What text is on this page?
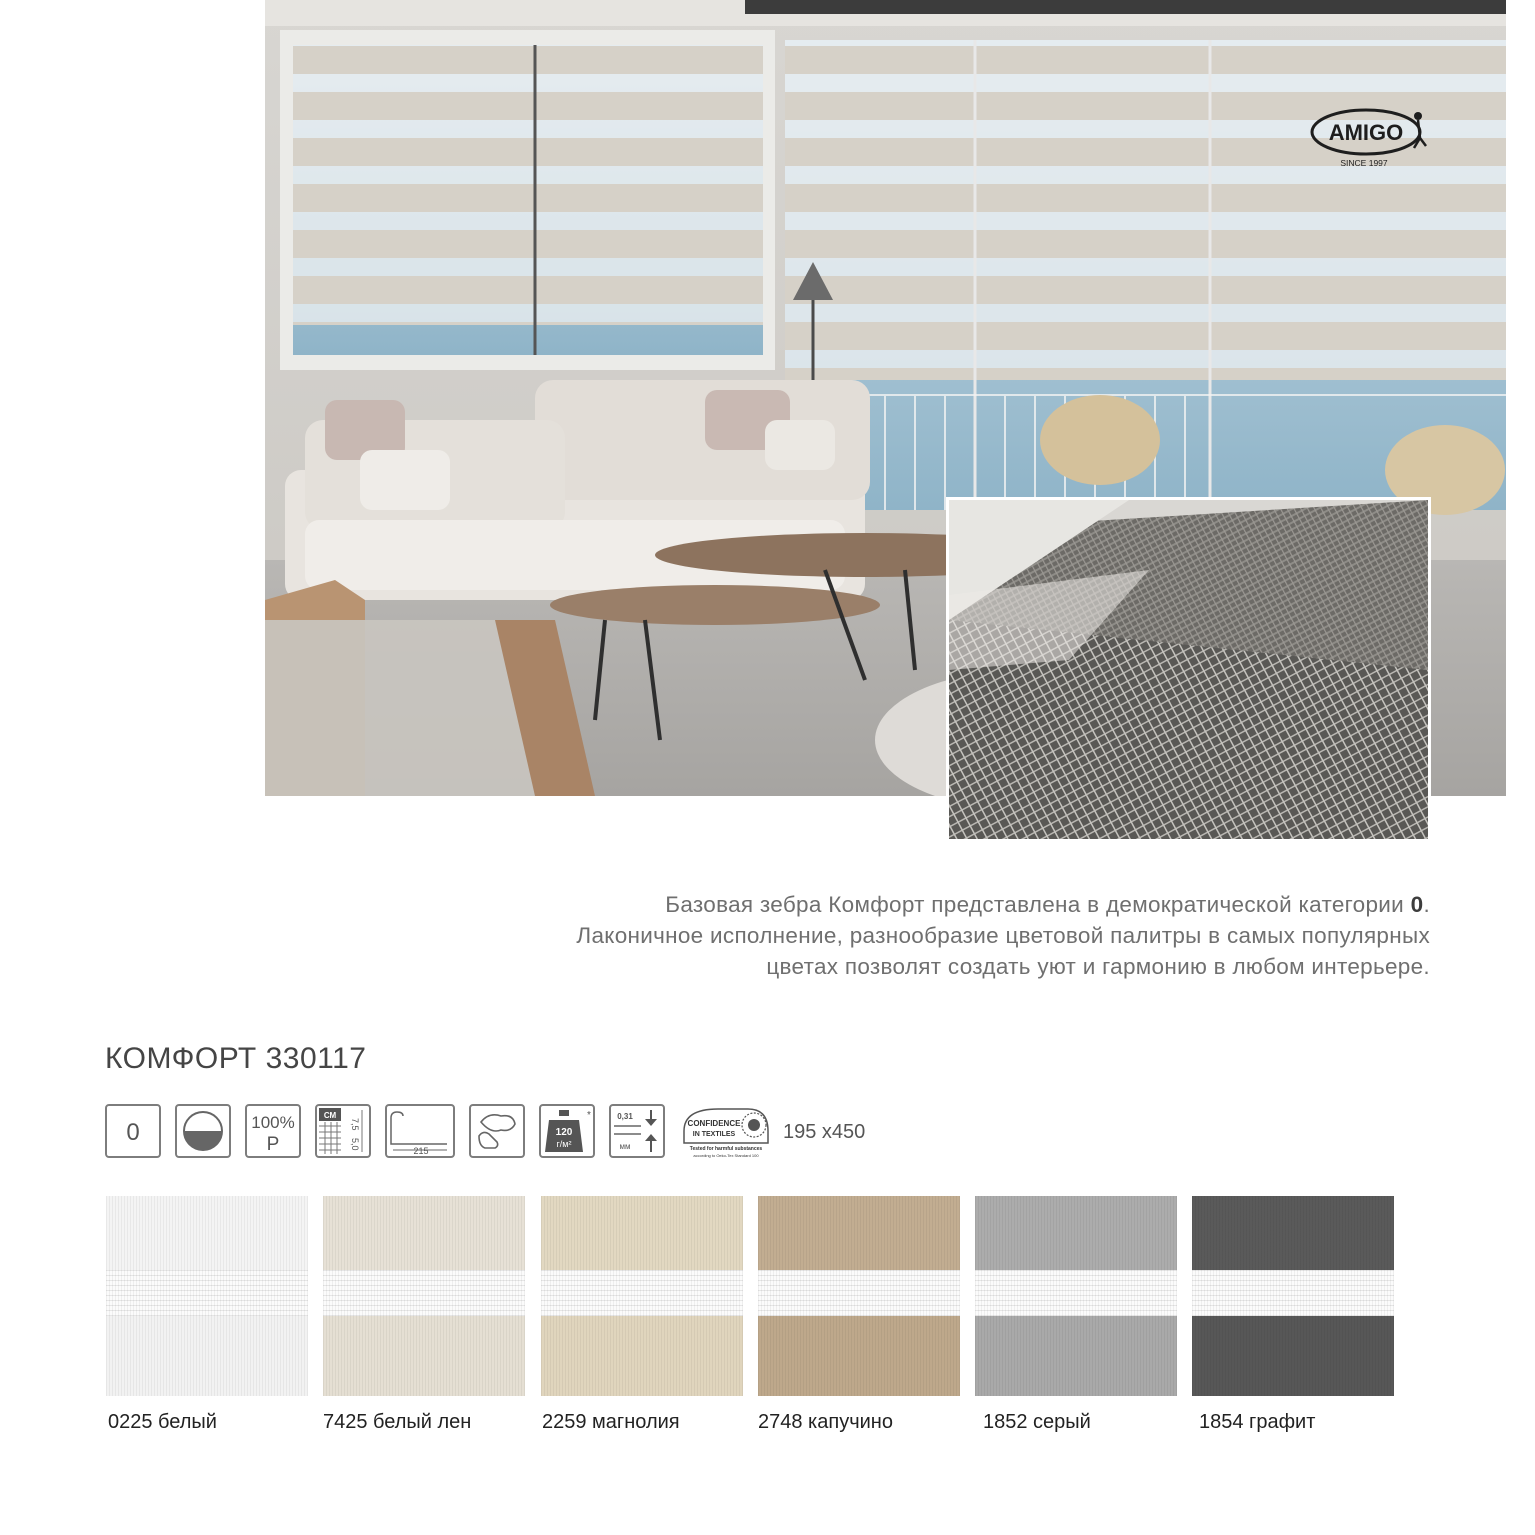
AMIGO
SINCE 1997

Базовая зебра Комфорт представлена в демократической категории 0.

Лаконичное исполнение, разнообразие цветовой палитры в самых популярных

цветах позволят создать уют и гармонию в любом интерьере.

КОМФОРТ 330117
0	100%
P
СМ
7,5
5,0
215
120
г/м²
*	0,31
мм
CONFIDENCE
IN TEXTILES
Tested for harmful substances
according to Oeko-Tex Standard 100
195 x450
0225 белый	7425 белый лен	2259 магнолия	2748 капучино	1852 серый	1854 графит
